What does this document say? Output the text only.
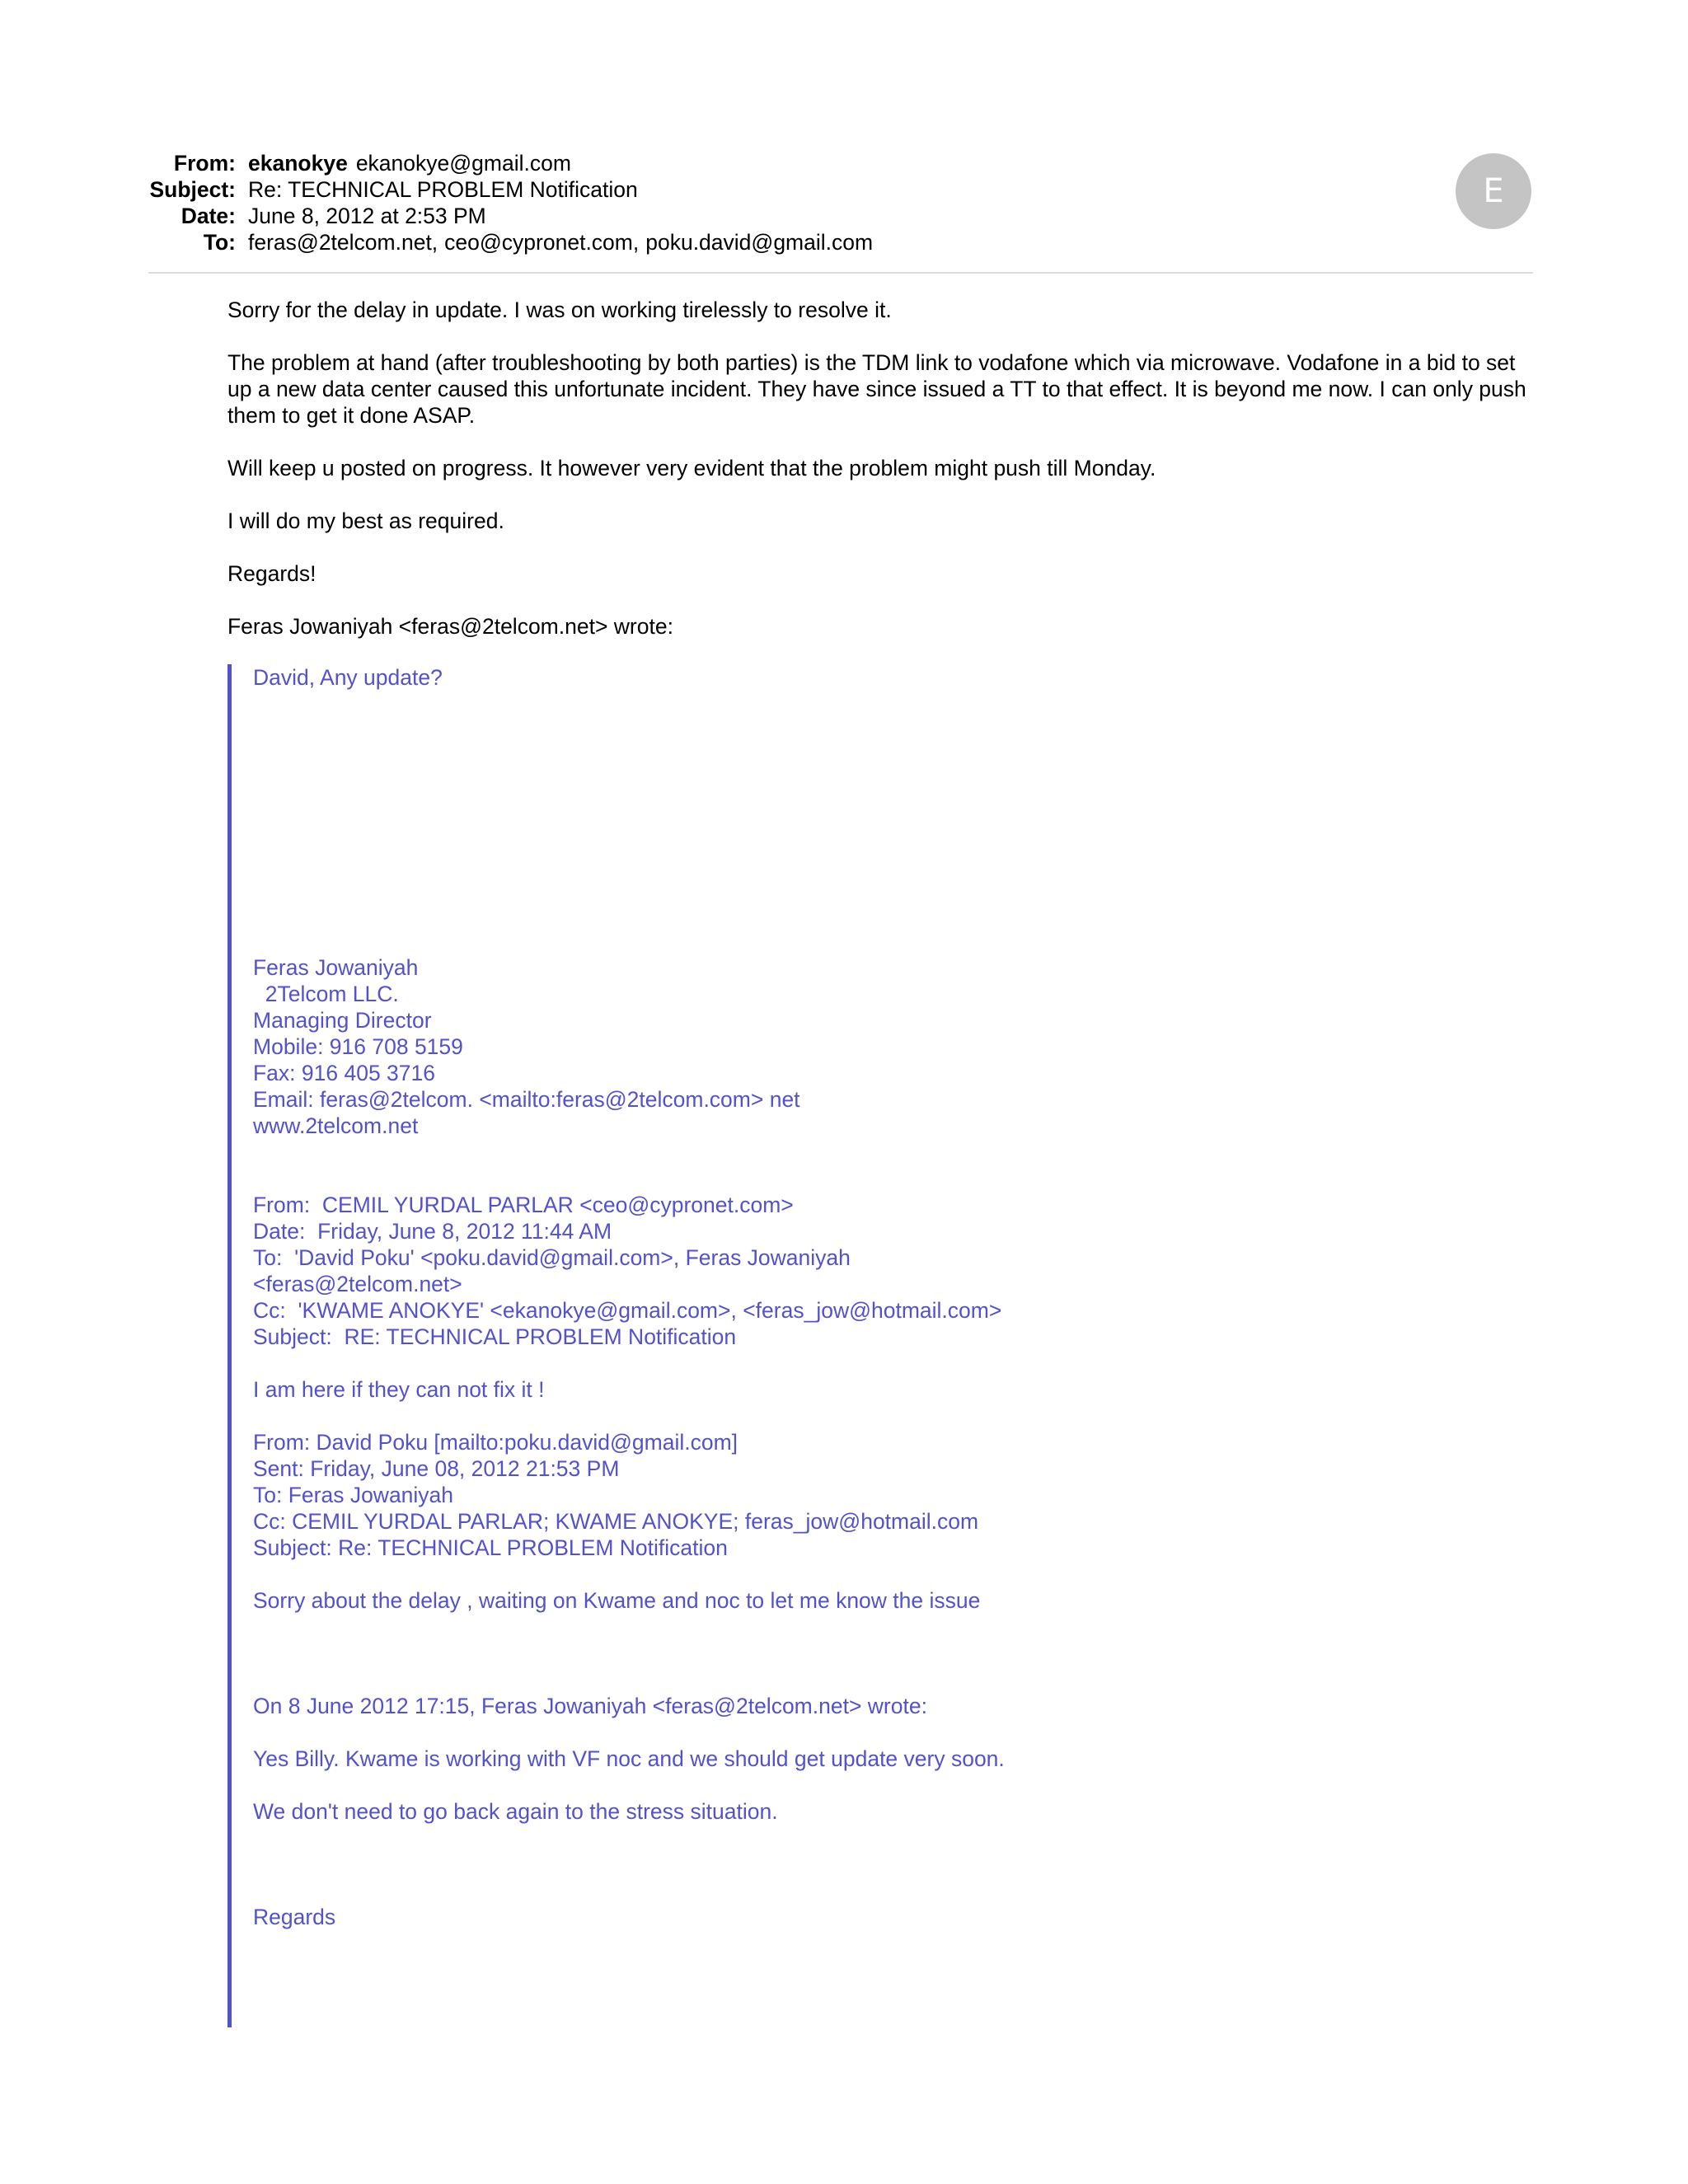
From: ekanokye ekanokye@gmail.com
Subject: Re: TECHNICAL PROBLEM Notification
Date: June 8, 2012 at 2:53 PM
To: feras@2telcom.net, ceo@cypronet.com, poku.david@gmail.com
E

Sorry for the delay in update. I was on working tirelessly to resolve it.

The problem at hand (after troubleshooting by both parties) is the TDM link to vodafone which via microwave. Vodafone in a bid to set up a new data center caused this unfortunate incident. They have since issued a TT to that effect. It is beyond me now. I can only push them to get it done ASAP.

Will keep u posted on progress. It however very evident that the problem might push till Monday.

I will do my best as required.

Regards!

Feras Jowaniyah <feras@2telcom.net> wrote:

David, Any update?
Feras Jowaniyah
2Telcom LLC.
Managing Director
Mobile: 916 708 5159
Fax: 916 405 3716
Email: feras@2telcom. <mailto:feras@2telcom.com> net
www.2telcom.net
From:  CEMIL YURDAL PARLAR <ceo@cypronet.com>
Date:  Friday, June 8, 2012 11:44 AM
To:  'David Poku' <poku.david@gmail.com>, Feras Jowaniyah
<feras@2telcom.net>
Cc:  'KWAME ANOKYE' <ekanokye@gmail.com>, <feras_jow@hotmail.com>
Subject:  RE: TECHNICAL PROBLEM Notification
I am here if they can not fix it !
From: David Poku [mailto:poku.david@gmail.com]
Sent: Friday, June 08, 2012 21:53 PM
To: Feras Jowaniyah
Cc: CEMIL YURDAL PARLAR; KWAME ANOKYE; feras_jow@hotmail.com
Subject: Re: TECHNICAL PROBLEM Notification
Sorry about the delay , waiting on Kwame and noc to let me know the issue
On 8 June 2012 17:15, Feras Jowaniyah <feras@2telcom.net> wrote:
Yes Billy. Kwame is working with VF noc and we should get update very soon.
We don't need to go back again to the stress situation.
Regards
